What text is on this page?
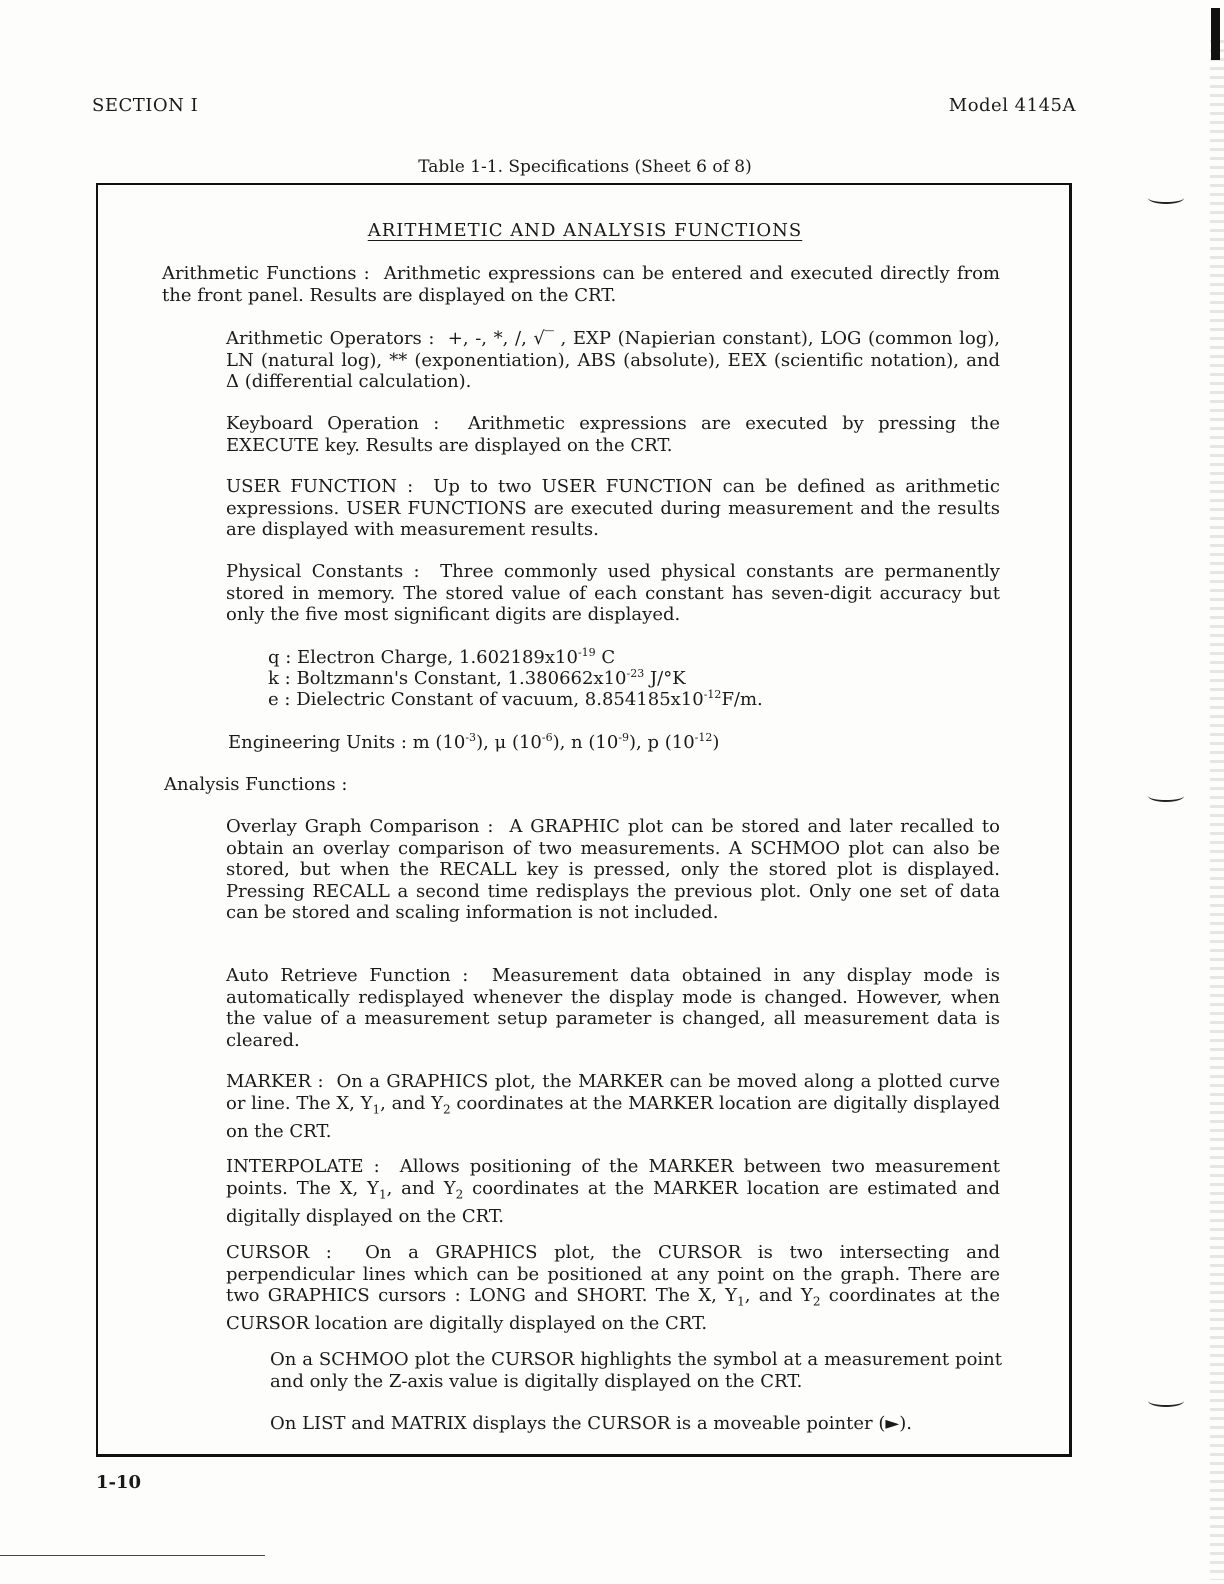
SECTION I	Model 4145A
Table 1-1. Specifications (Sheet 6 of 8)
ARITHMETIC AND ANALYSIS FUNCTIONS
Arithmetic Functions : Arithmetic expressions can be entered and executed directly from the front panel. Results are displayed on the CRT.
Arithmetic Operators : +, -, *, /, √‾ , EXP (Napierian constant), LOG (common log), LN (natural log), ** (exponentiation), ABS (absolute), EEX (scientific notation), and Δ (differential calculation).
Keyboard Operation : Arithmetic expressions are executed by pressing the EXECUTE key. Results are displayed on the CRT.
USER FUNCTION : Up to two USER FUNCTION can be defined as arithmetic expressions. USER FUNCTIONS are executed during measurement and the results are displayed with measurement results.
Physical Constants : Three commonly used physical constants are permanently stored in memory. The stored value of each constant has seven-digit accuracy but only the five most significant digits are displayed.
q : Electron Charge, $1.602189x10^{-19}$ C
k : Boltzmann's Constant, $1.380662x10^{-23}$ J/°K
e : Dielectric Constant of vacuum, $8.854185x10^{-12}F/m$.
Engineering Units : m $(10^{-3})$, μ $(10^{-6})$, n $(10^{-9})$, p $(10^{-12})$
Analysis Functions :
Overlay Graph Comparison : A GRAPHIC plot can be stored and later recalled to obtain an overlay comparison of two measurements. A SCHMOO plot can also be stored, but when the RECALL key is pressed, only the stored plot is displayed. Pressing RECALL a second time redisplays the previous plot. Only one set of data can be stored and scaling information is not included.
Auto Retrieve Function : Measurement data obtained in any display mode is automatically redisplayed whenever the display mode is changed. However, when the value of a measurement setup parameter is changed, all measurement data is cleared.
MARKER : On a GRAPHICS plot, the MARKER can be moved along a plotted curve or line. The X, $Y_1$, and $Y_2$ coordinates at the MARKER location are digitally displayed on the CRT.
INTERPOLATE : Allows positioning of the MARKER between two measurement points. The X, $Y_1$, and $Y_2$ coordinates at the MARKER location are estimated and digitally displayed on the CRT.
CURSOR : On a GRAPHICS plot, the CURSOR is two intersecting and perpendicular lines which can be positioned at any point on the graph. There are two GRAPHICS cursors : LONG and SHORT. The X, $Y_1$, and $Y_2$ coordinates at the CURSOR location are digitally displayed on the CRT.
On a SCHMOO plot the CURSOR highlights the symbol at a measurement point and only the Z-axis value is digitally displayed on the CRT.
On LIST and MATRIX displays the CURSOR is a moveable pointer (►).
1-10
